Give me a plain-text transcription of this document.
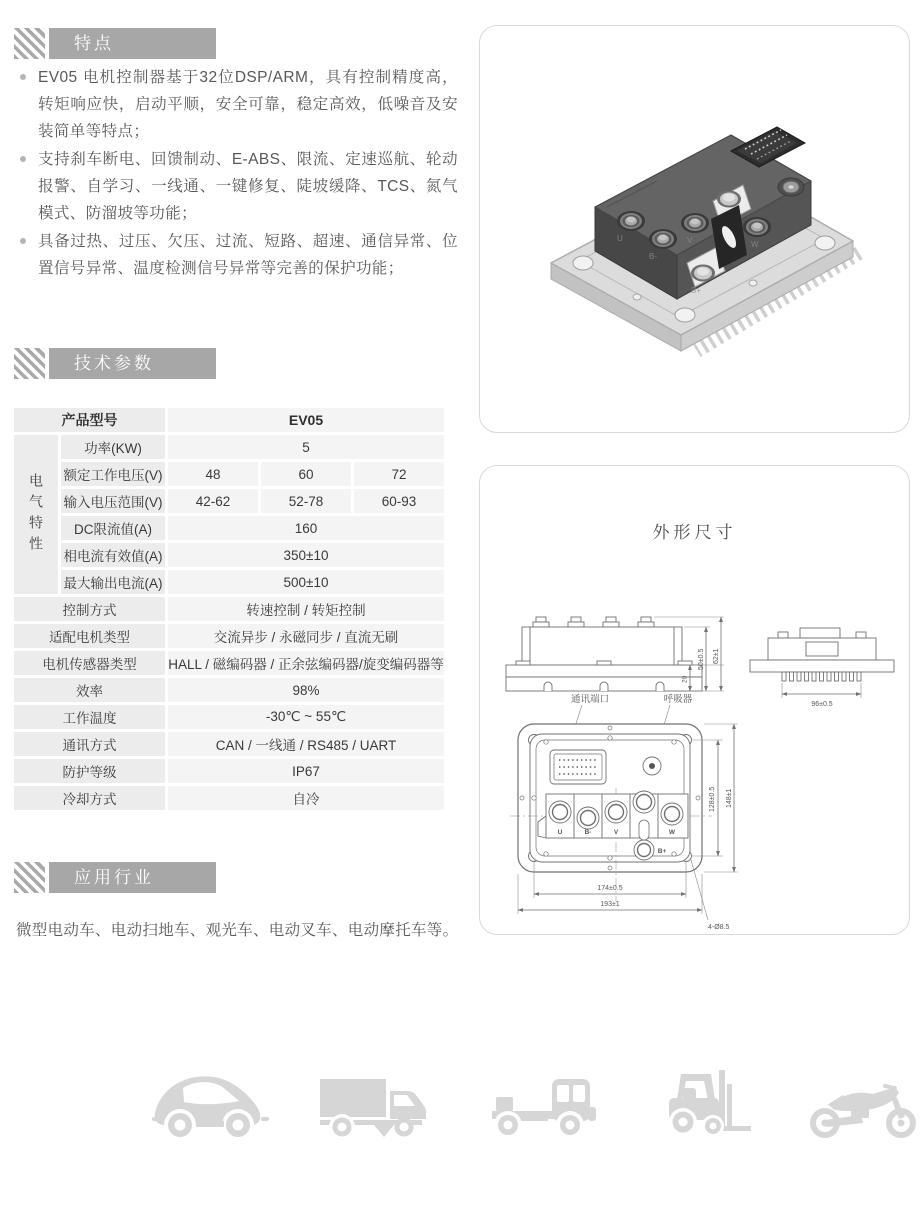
特点
EV05 电机控制器基于32位DSP/ARM，具有控制精度高，转矩响应快，启动平顺，安全可靠，稳定高效，低噪音及安装简单等特点；
支持刹车断电、回馈制动、E-ABS、限流、定速巡航、轮动报警、自学习、一线通、一键修复、陡坡缓降、TCS、氮气模式、防溜坡等功能；
具备过热、过压、欠压、过流、短路、超速、通信异常、位置信号异常、温度检测信号异常等完善的保护功能；
技术参数
产品型号	EV05
电气特性
功率(KW)	5
额定工作电压(V)	48	60	72
输入电压范围(V)	42-62	52-78	60-93
DC限流值(A)	160
相电流有效值(A)	350±10
最大输出电流(A)	500±10
控制方式	转速控制 / 转矩控制
适配电机类型	交流异步 / 永磁同步 / 直流无刷
电机传感器类型	HALL / 磁编码器 / 正余弦编码器/旋变编码器等
效率	98%
工作温度	-30℃ ~ 55℃
通讯方式	CAN / 一线通 / RS485 / UART
防护等级	IP67
冷却方式	自冷
应用行业
微型电动车、电动扫地车、观光车、电动叉车、电动摩托车等。
U
B-
V	W
B+
外形尺寸
20
50±0.5 62±1
96±0.5
通讯端口	呼吸器
U	B-	V	W
B+
174±0.5
193±1
128±0.5 148±1
4-Ø8.5
